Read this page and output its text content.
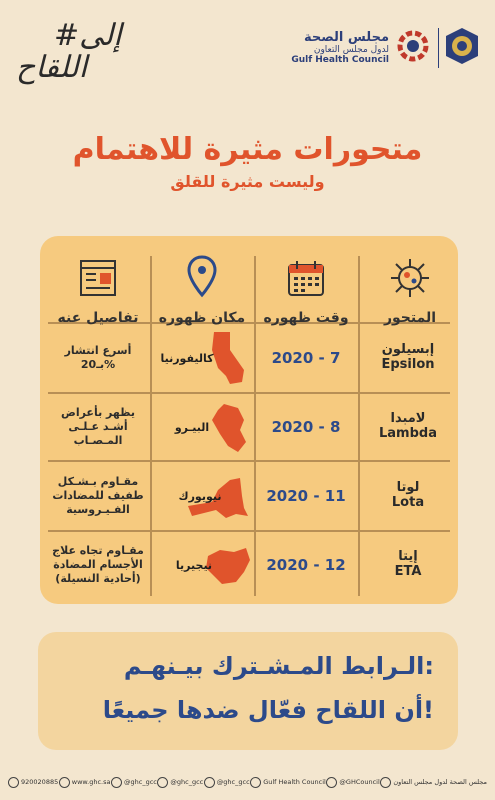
#إلى
اللقاح
مجلس الصحة
لدول مجلس التعاون
Gulf Health Council
متحورات مثيرة للاهتمام
وليست مثيرة للقلق
المتحور
وقت ظهوره
مكان ظهوره
تفاصيل عنه
إبسيلون
Epsilon
2020 - 7
كاليفورنيا
أسرع انتشار
بـ20%
لامبدا
Lambda
2020 - 8
البيـرو
يظهر بأعراض
أشـد عـلـى
المـصـاب
لوتا
Lota
2020 - 11
نيويورك
مقـاوم بـشـكل
طفيف للمضادات
الفـيـروسية
إيتا
ETA
2020 - 12
نيجيريا
مقـاوم تجاه علاج
الأجسام المضادة
(أحادية النسيلة)
الـرابط المـشـترك بيـنهـم:
أن اللقاح فعّال ضدها جميعًا!
920020885 www.ghc.sa @ghc_gcc @ghc_gcc @ghc_gcc Gulf Health Council @GHCouncil مجلس الصحة لدول مجلس التعاون
